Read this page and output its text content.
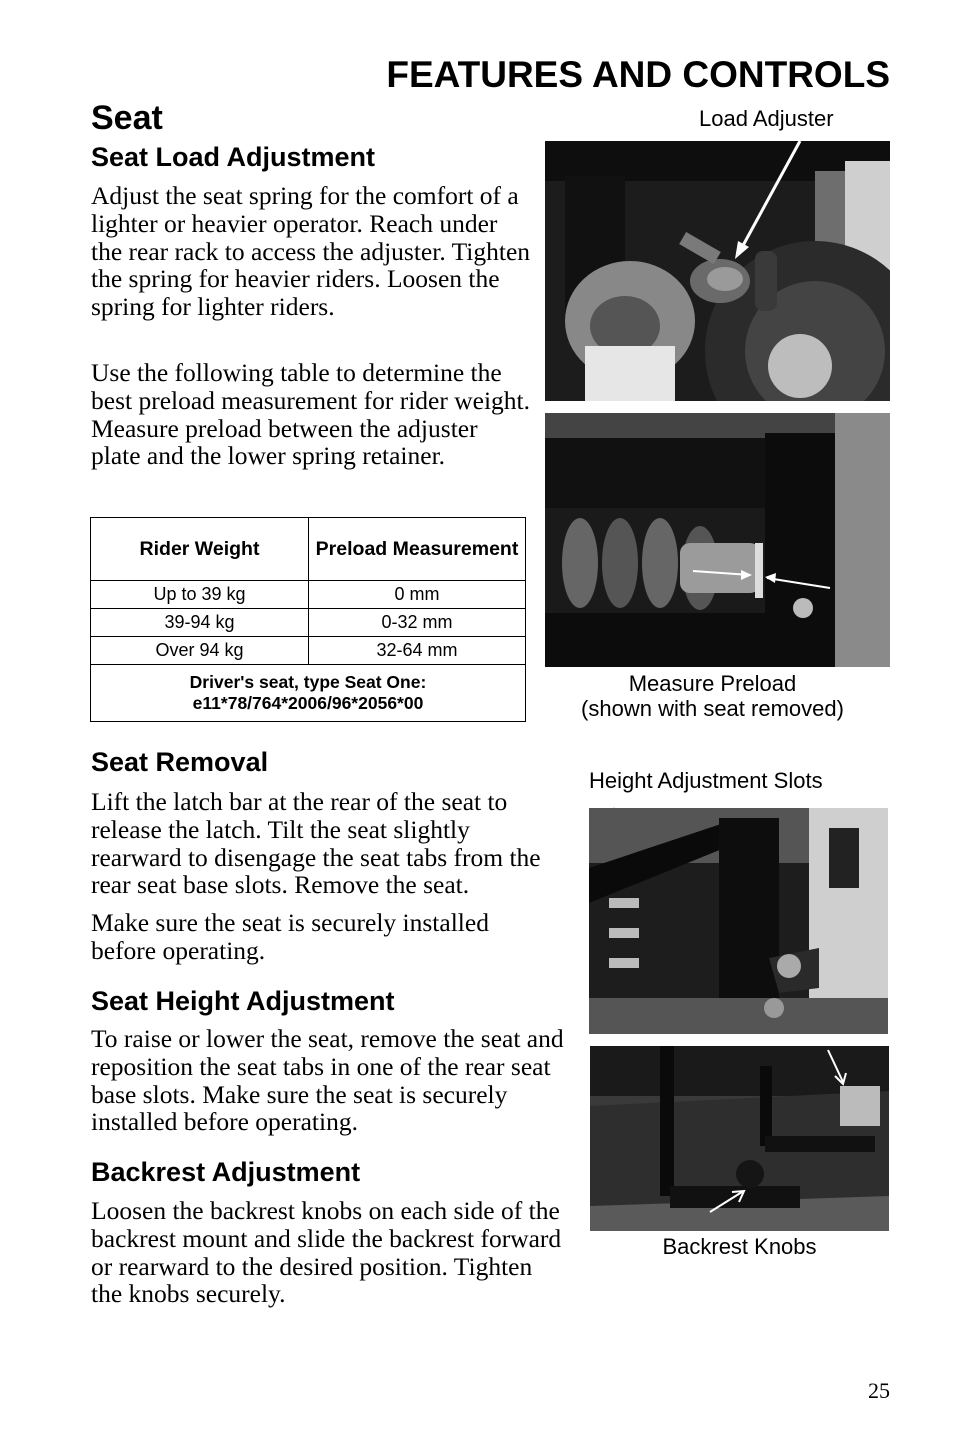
FEATURES AND CONTROLS
Seat
Seat Load Adjustment
Adjust the seat spring for the comfort of a lighter or heavier operator. Reach under the rear rack to access the adjuster. Tighten the spring for heavier riders. Loosen the spring for lighter riders.
Use the following table to determine the best preload measurement for rider weight. Measure preload between the adjuster plate and the lower spring retainer.
Rider Weight	Preload Measurement
Up to 39 kg	0 mm
39-94 kg	0-32 mm
Over 94 kg	32-64 mm

Driver's seat, type Seat One:
e11*78/764*2006/96*2056*00	
Seat Removal
Lift the latch bar at the rear of the seat to release the latch. Tilt the seat slightly rearward to disengage the seat tabs from the rear seat base slots. Remove the seat.
Make sure the seat is securely installed before operating.
Seat Height Adjustment
To raise or lower the seat, remove the seat and reposition the seat tabs in one of the rear seat base slots. Make sure the seat is securely installed before operating.
Backrest Adjustment
Loosen the backrest knobs on each side of the backrest mount and slide the backrest forward or rearward to the desired position. Tighten the knobs securely.
Load Adjuster
Measure Preload
(shown with seat removed)
Height Adjustment Slots
Backrest Knobs
25
